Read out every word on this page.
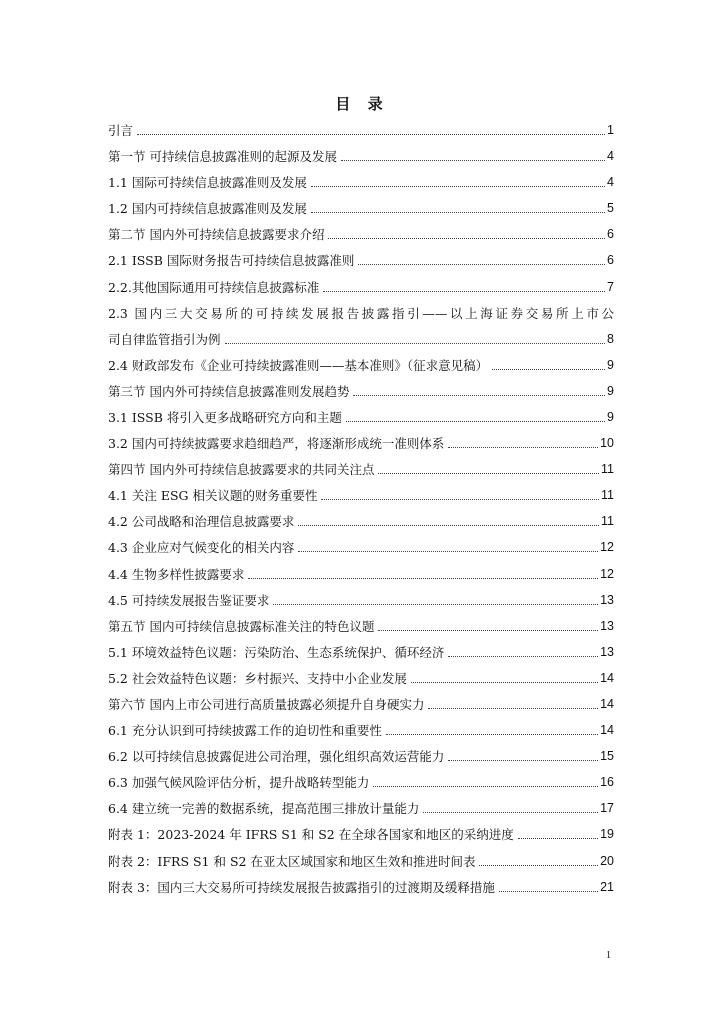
目 录
引言	1
第一节 可持续信息披露准则的起源及发展	4
1.1 国际可持续信息披露准则及发展	4
1.2 国内可持续信息披露准则及发展	5
第二节 国内外可持续信息披露要求介绍	6
2.1 ISSB 国际财务报告可持续信息披露准则	6
2.2.其他国际通用可持续信息披露标准	7
2.3 国内三大交易所的可持续发展报告披露指引——以上海证券交易所上市公
司自律监管指引为例	8
2.4 财政部发布《企业可持续披露准则——基本准则》（征求意见稿）	9
第三节 国内外可持续信息披露准则发展趋势	9
3.1 ISSB 将引入更多战略研究方向和主题	9
3.2 国内可持续披露要求趋细趋严，将逐渐形成统一准则体系	10
第四节 国内外可持续信息披露要求的共同关注点	11
4.1 关注 ESG 相关议题的财务重要性	11
4.2 公司战略和治理信息披露要求	11
4.3 企业应对气候变化的相关内容	12
4.4 生物多样性披露要求	12
4.5 可持续发展报告鉴证要求	13
第五节 国内可持续信息披露标准关注的特色议题	13
5.1 环境效益特色议题：污染防治、生态系统保护、循环经济	13
5.2 社会效益特色议题：乡村振兴、支持中小企业发展	14
第六节 国内上市公司进行高质量披露必须提升自身硬实力	14
6.1 充分认识到可持续披露工作的迫切性和重要性	14
6.2 以可持续信息披露促进公司治理，强化组织高效运营能力	15
6.3 加强气候风险评估分析，提升战略转型能力	16
6.4 建立统一完善的数据系统，提高范围三排放计量能力	17
附表 1：2023-2024 年 IFRS S1 和 S2 在全球各国家和地区的采纳进度	19
附表 2：IFRS S1 和 S2 在亚太区域国家和地区生效和推进时间表	20
附表 3：国内三大交易所可持续发展报告披露指引的过渡期及缓释措施	21
1
